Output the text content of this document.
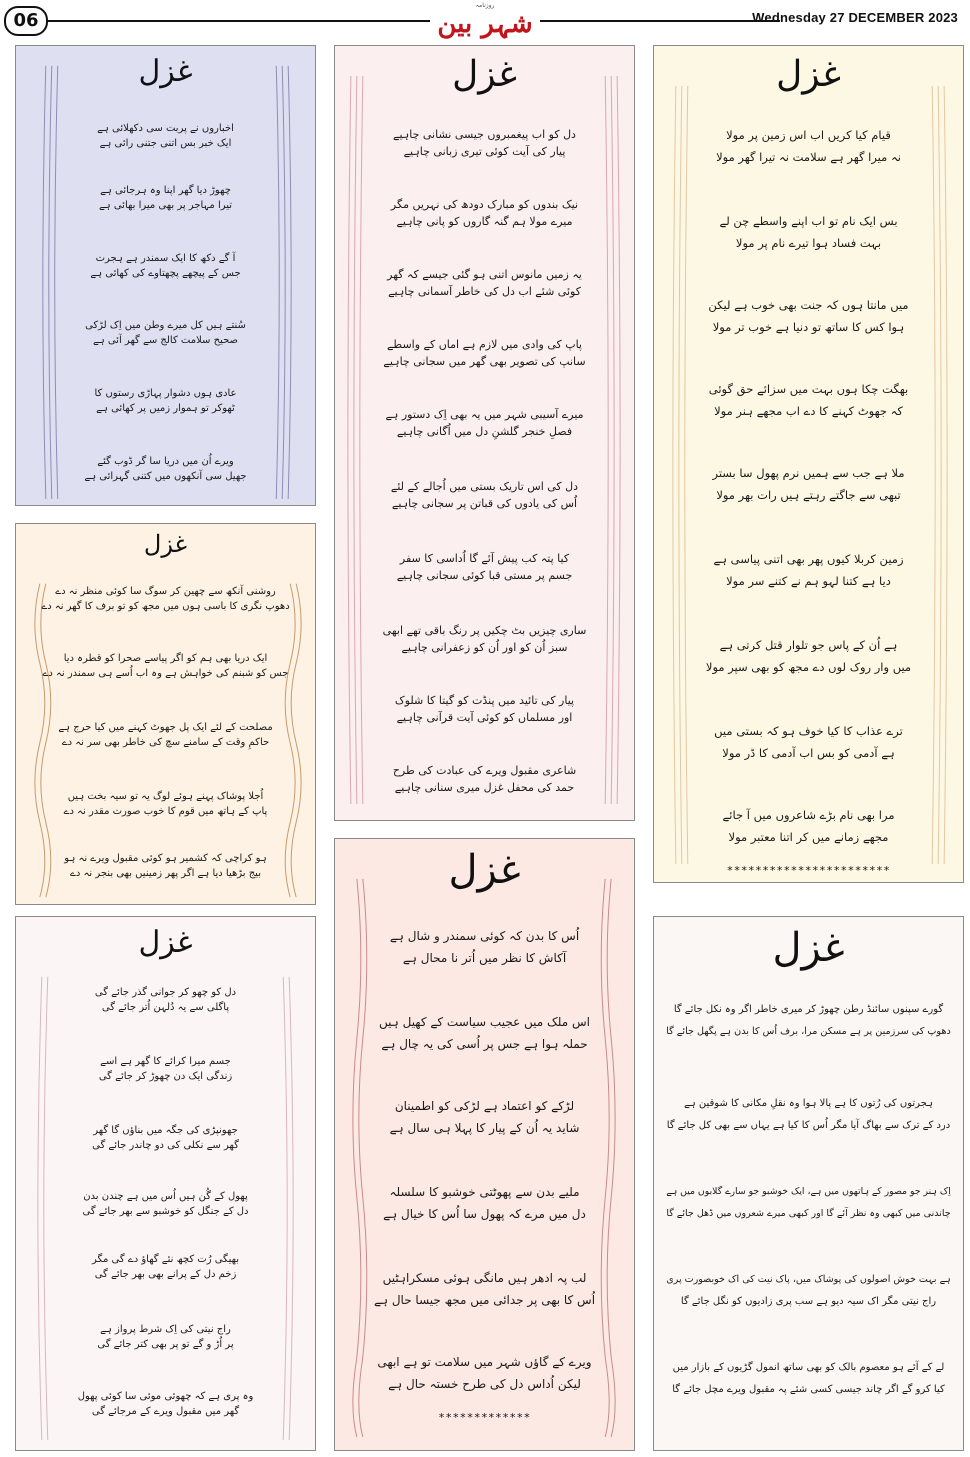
06
روزنامہ
شہر بین	Wednesday 27 DECEMBER 2023
غزل
اخباروں نے پربت سی دکھلائی ہے
ایک خبر بس اتنی جتنی رائی ہے
چھوڑ دیا گھر اپنا وہ ہرجائی ہے
تیرا مہاجر پر بھی میرا بھائی ہے
آ گے دکھ کا ایک سمندر ہے ہجرت
جس کے پیچھے پچھتاوے کی کھائی ہے
سُنتے ہیں کل میرے وطن میں اِک لڑکی
صحیح سلامت کالج سے گھر آئی ہے
عادی ہوں دشوار پہاڑی رستوں کا
ٹھوکر تو ہموار زمیں پر کھائی ہے
ویرے اُن میں دریا سا گر ڈوب گئے
جھیل سی آنکھوں میں کتنی گہرائی ہے
غزل
دل کو اب پیغمبروں جیسی نشانی چاہیے
پیار کی آیت کوئی تیری زبانی چاہیے
نیک بندوں کو مبارک دودھ کی نہریں مگر
میرے مولا ہم گنہ گاروں کو پانی چاہیے
یہ زمیں مانوس اتنی ہو گئی جیسے کہ گھر
کوئی شئے اب دل کی خاطر آسمانی چاہیے
پاپ کی وادی میں لازم ہے اماں کے واسطے
سانپ کی تصویر بھی گھر میں سجانی چاہیے
میرے آسیبی شہر میں یہ بھی اِک دستور ہے
فصلِ خنجر گلشنِ دل میں اُگانی چاہیے
دل کی اس تاریک بستی میں اُجالے کے لئے
اُس کی یادوں کی قباتن پر سجانی چاہیے
کیا پتہ کب پیش آئے گا اُداسی کا سفر
جسم پر مستی قبا کوئی سجانی چاہیے
ساری چیزیں بٹ چکیں پر رنگ باقی تھے ابھی
سبز اُن کو اور اُن کو زعفرانی چاہیے
پیار کی تائید میں پنڈت کو گیتا کا شلوک
اور مسلماں کو کوئی آیت قرآنی چاہیے
شاعری مقبول ویرے کی عبادت کی طرح
حمد کی محفل غزل میری سنانی چاہیے
غزل
قیام کیا کریں اب اس زمین پر مولا
نہ میرا گھر ہے سلامت نہ تیرا گھر مولا
بس ایک نام تو اب اپنے واسطے چن لے
بہت فساد ہوا تیرے نام پر مولا
میں مانتا ہوں کہ جنت بھی خوب ہے لیکن
ہوا کس کا ساتھ تو دنیا ہے خوب تر مولا
بھگت چکا ہوں بہت میں سزائے حق گوئی
کہ جھوٹ کہنے کا دے اب مجھے ہنر مولا
ملا ہے جب سے ہمیں نرم پھول سا بستر
تبھی سے جاگتے رہتے ہیں رات بھر مولا
زمین کربلا کیوں پھر بھی اتنی پیاسی ہے
دیا ہے کتنا لہو ہم نے کتنے سر مولا
ہے اُن کے پاس جو تلوار قتل کرتی ہے
میں وار روک لوں دے مجھ کو بھی سپر مولا
ترے عذاب کا کیا خوف ہو کہ بستی میں
ہے آدمی کو بس اب آدمی کا ڈر مولا
مرا بھی نام بڑے شاعروں میں آ جائے
مجھے زمانے میں کر اتنا معتبر مولا
***********************
غزل
روشنی آنکھ سے چھین کر سوگ سا کوئی منظر نہ دے
دھوپ نگری کا باسی ہوں میں مجھ کو تو برف کا گھر نہ دے
ایک دریا بھی ہم کو اگر پیاسے صحرا کو قطرہ دیا
جس کو شبنم کی خواہش ہے وہ اب اُسے ہی سمندر نہ دے
مصلحت کے لئے ایک پل جھوٹ کہنے میں کیا حرج ہے
حاکمِ وقت کے سامنے سچ کی خاطر بھی سر نہ دے
اُجلا پوشاک پہنے ہوئے لوگ یہ تو سیہ بخت ہیں
پاپ کے ہاتھ میں قوم کا خوب صورت مقدر نہ دے
ہو کراچی کہ کشمیر ہو کوئی مقبول ویرے نہ ہو
بیج بڑھیا دیا ہے اگر پھر زمینیں بھی بنجر نہ دے
غزل
دل کو چھو کر جوانی گذر جائے گی
پاگلی سے یہ دُلہن اُتر جائے گی
جسم میرا کرائے کا گھر ہے اسے
زندگی ایک دن چھوڑ کر جائے گی
جھونپڑی کی جگہ میں بناؤں گا گھر
گھر سے نکلی کی دو چاندر جائے گی
پھول کے گُن ہیں اُس میں ہے چندن بدن
دل کے جنگل کو خوشبو سے بھر جائے گی
بھیگی رُت کچھ نئے گھاؤ دے گی مگر
زخم دل کے پرانے بھی بھر جائے گی
راج نیتی کی اِک شرط پرواز ہے
پر اُڑ و گے تو پر بھی کتر جائے گی
وہ پری ہے کہ چھوئی موئی سا کوئی پھول
گھر میں مقبول ویرے کے مرجائے گی
غزل
اُس کا بدن کہ کوئی سمندر و شال ہے
آکاش کا نظر میں اُتر نا محال ہے
اس ملک میں عجیب سیاست کے کھیل ہیں
حملہ ہوا ہے جس پر اُسی کی یہ چال ہے
لڑکے کو اعتماد ہے لڑکی کو اطمینان
شاید یہ اُن کے پیار کا پہلا ہی سال ہے
ملیے بدن سے پھوٹتی خوشبو کا سلسلہ
دل میں مرے کہ پھول سا اُس کا خیال ہے
لب پہ ادھر ہیں مانگی ہوئی مسکراہٹیں
اُس کا بھی پر جدائی میں مجھ جیسا حال ہے
ویرے کے گاؤں شہر میں سلامت تو ہے ابھی
لیکن اُداس دل کی طرح خستہ حال ہے
*************
غزل
گورے سپنوں سائنڈ رطن چھوڑ کر میری خاطر اگر وہ نکل جائے گا
دھوپ کی سرزمین پر ہے مسکن مرا، برف اُس کا بدن ہے پگھل جائے گا
ہجرتوں کی رُتوں کا ہے پالا ہوا وہ نقلِ مکانی کا شوقین ہے
درد کے ترک سے بھاگ آیا مگر اُس کا کیا ہے یہاں سے بھی کل جائے گا
اِک ہنر جو مصور کے ہاتھوں میں ہے، ایک خوشبو جو سارے گلابوں میں ہے
چاندنی میں کبھی وہ نظر آئے گا اور کبھی میرے شعروں میں ڈھل جائے گا
ہے بہت خوش اصولوں کی پوشاک میں، پاک نیت کی اک خوبصورت پری
راج نیتی مگر اک سیہ دیو ہے سب پری زادیوں کو نگل جائے گا
لے کے آئے ہو معصوم بالک کو بھی ساتھ انمول گڑیوں کے بازار میں
کیا کرو گے اگر چاند جیسی کسی شئے پہ مقبول ویرے مچل جائے گا
